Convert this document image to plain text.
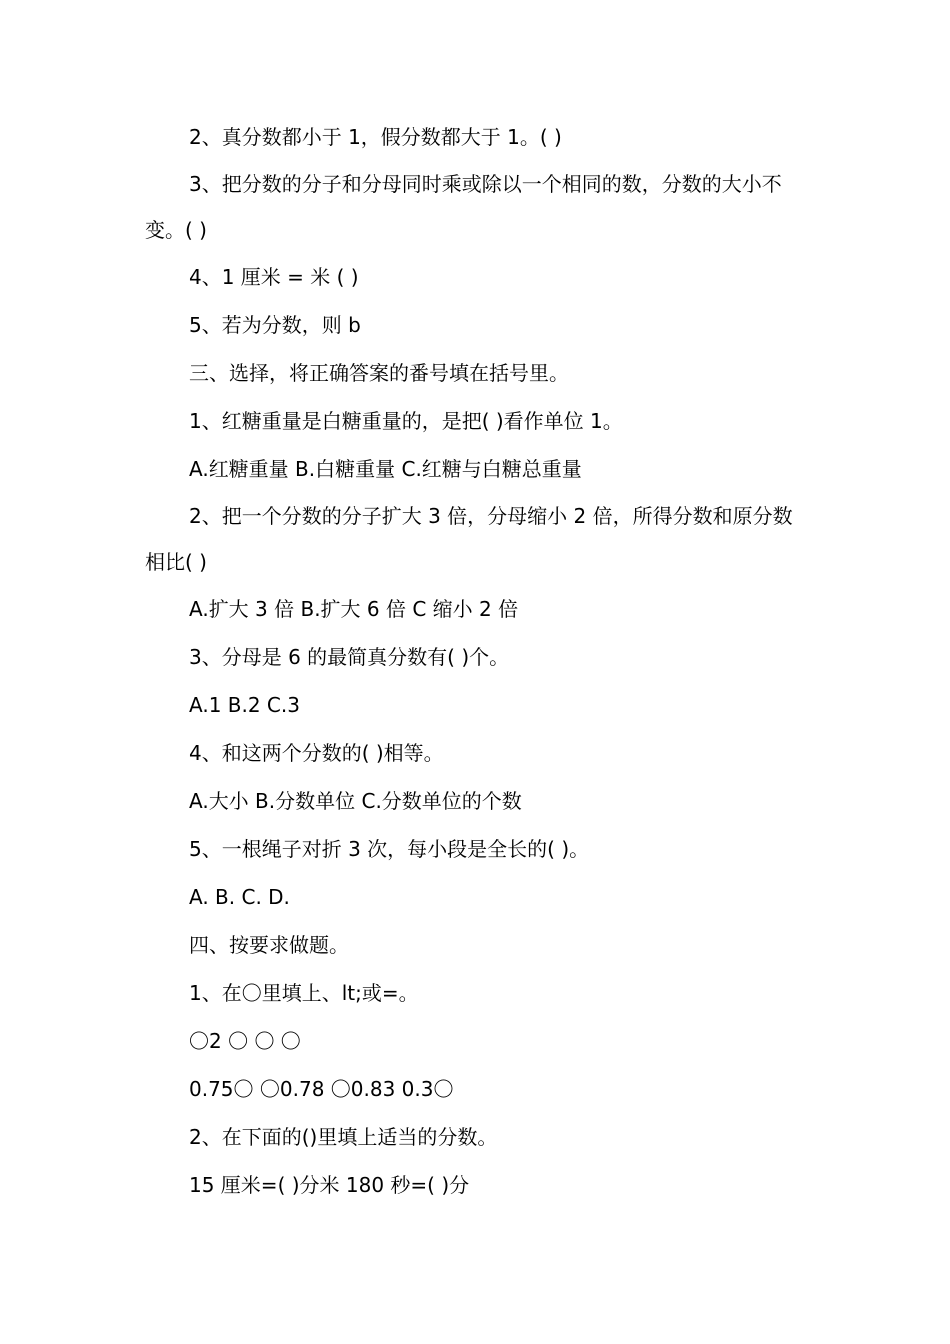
2、真分数都小于 1，假分数都大于 1。( )

3、把分数的分子和分母同时乘或除以一个相同的数，分数的大小不变。( )

4、1 厘米 = 米 ( )

5、若为分数，则 b

三、选择，将正确答案的番号填在括号里。

1、红糖重量是白糖重量的，是把( )看作单位 1。

A.红糖重量 B.白糖重量 C.红糖与白糖总重量

2、把一个分数的分子扩大 3 倍，分母缩小 2 倍，所得分数和原分数相比( )

A.扩大 3 倍 B.扩大 6 倍 C 缩小 2 倍

3、分母是 6 的最简真分数有( )个。

A.1 B.2 C.3

4、和这两个分数的( )相等。

A.大小 B.分数单位 C.分数单位的个数

5、一根绳子对折 3 次，每小段是全长的( )。

A. B. C. D.

四、按要求做题。

1、在〇里填上、lt;或=。

〇2 〇 〇 〇

0.75〇 〇0.78 〇0.83 0.3〇

2、在下面的()里填上适当的分数。

15 厘米=( )分米 180 秒=( )分
